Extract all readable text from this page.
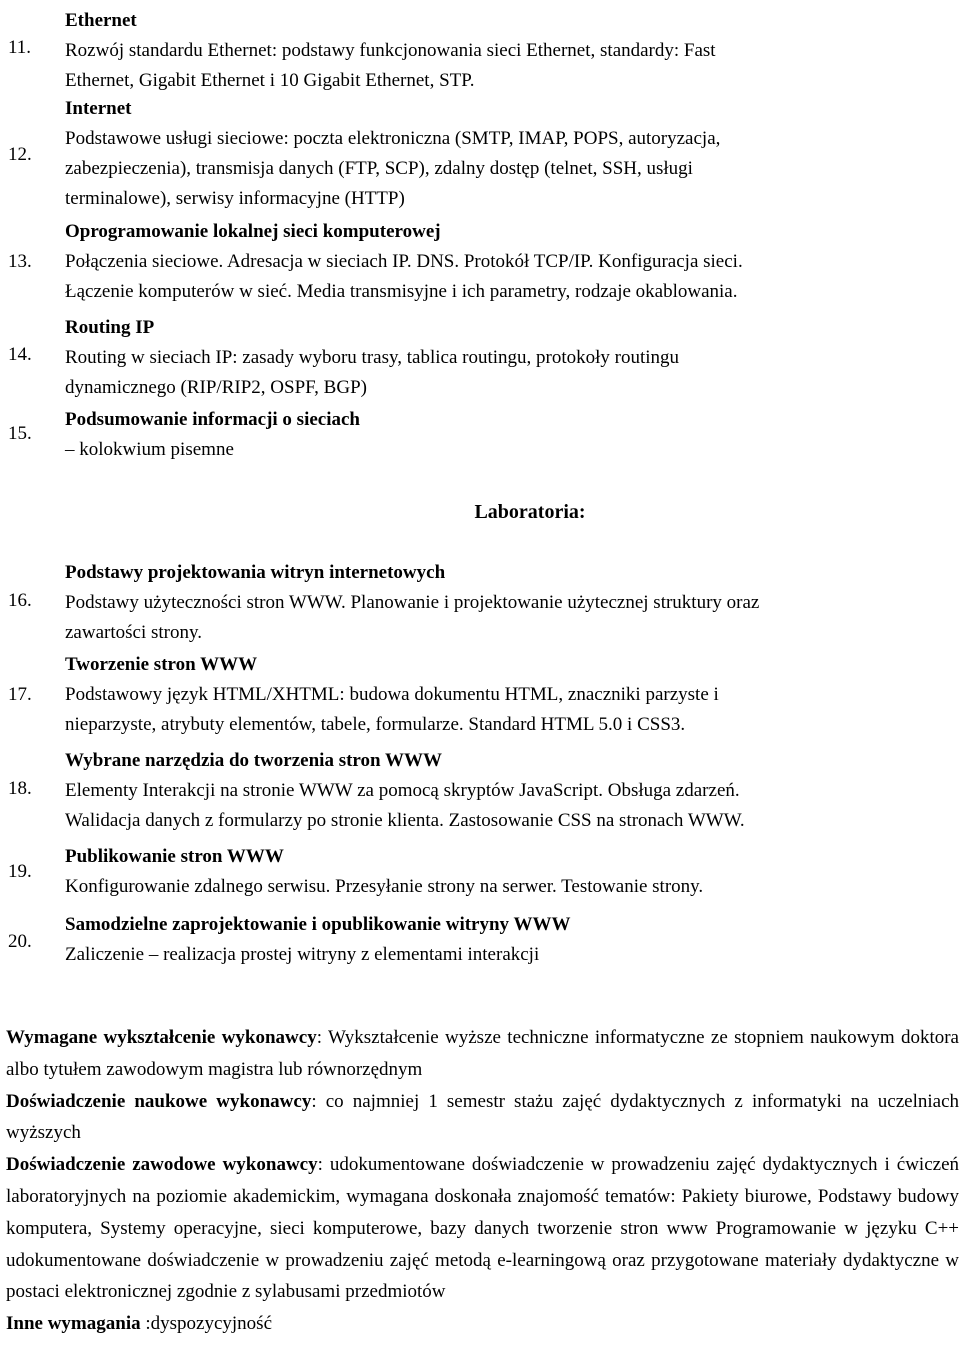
11.
Ethernet
Rozwój standardu Ethernet: podstawy funkcjonowania sieci Ethernet, standardy: Fast
Ethernet, Gigabit Ethernet i 10 Gigabit Ethernet, STP.
12.
Internet
Podstawowe usługi sieciowe: poczta elektroniczna (SMTP, IMAP, POPS, autoryzacja,
zabezpieczenia), transmisja danych (FTP, SCP), zdalny dostęp (telnet, SSH, usługi
terminalowe), serwisy informacyjne (HTTP)
13.
Oprogramowanie lokalnej sieci komputerowej
Połączenia sieciowe. Adresacja w sieciach IP. DNS. Protokół TCP/IP. Konfiguracja sieci.
Łączenie komputerów w sieć. Media transmisyjne i ich parametry, rodzaje okablowania.
14.
Routing IP
Routing w sieciach IP: zasady wyboru trasy, tablica routingu, protokoły routingu
dynamicznego (RIP/RIP2, OSPF, BGP)
15.
Podsumowanie informacji o sieciach
– kolokwium pisemne
Laboratoria:
16.
Podstawy projektowania witryn internetowych
Podstawy użyteczności stron WWW. Planowanie i projektowanie użytecznej struktury oraz
zawartości strony.
17.
Tworzenie stron WWW
Podstawowy język HTML/XHTML: budowa dokumentu HTML, znaczniki parzyste i
nieparzyste, atrybuty elementów, tabele, formularze. Standard HTML 5.0 i CSS3.
18.
Wybrane narzędzia do tworzenia stron WWW
Elementy Interakcji na stronie WWW za pomocą skryptów JavaScript. Obsługa zdarzeń.
Walidacja danych z formularzy po stronie klienta. Zastosowanie CSS na stronach WWW.
19.
Publikowanie stron WWW
Konfigurowanie zdalnego serwisu. Przesyłanie strony na serwer. Testowanie strony.
20.
Samodzielne zaprojektowanie i opublikowanie witryny WWW
Zaliczenie – realizacja prostej witryny z elementami interakcji

Wymagane wykształcenie wykonawcy: Wykształcenie wyższe techniczne informatyczne ze stopniem naukowym doktora albo tytułem zawodowym magistra lub równorzędnym

Doświadczenie naukowe wykonawcy: co najmniej 1 semestr stażu zajęć dydaktycznych z informatyki na uczelniach wyższych

Doświadczenie zawodowe wykonawcy: udokumentowane doświadczenie w prowadzeniu zajęć dydaktycznych i ćwiczeń laboratoryjnych na poziomie akademickim, wymagana doskonała znajomość tematów: Pakiety biurowe, Podstawy budowy komputera, Systemy operacyjne, sieci komputerowe, bazy danych tworzenie stron www Programowanie w języku C++ udokumentowane doświadczenie w prowadzeniu zajęć metodą e-learningową oraz przygotowane materiały dydaktyczne w postaci elektronicznej zgodnie z sylabusami przedmiotów

Inne wymagania :dyspozycyjność
